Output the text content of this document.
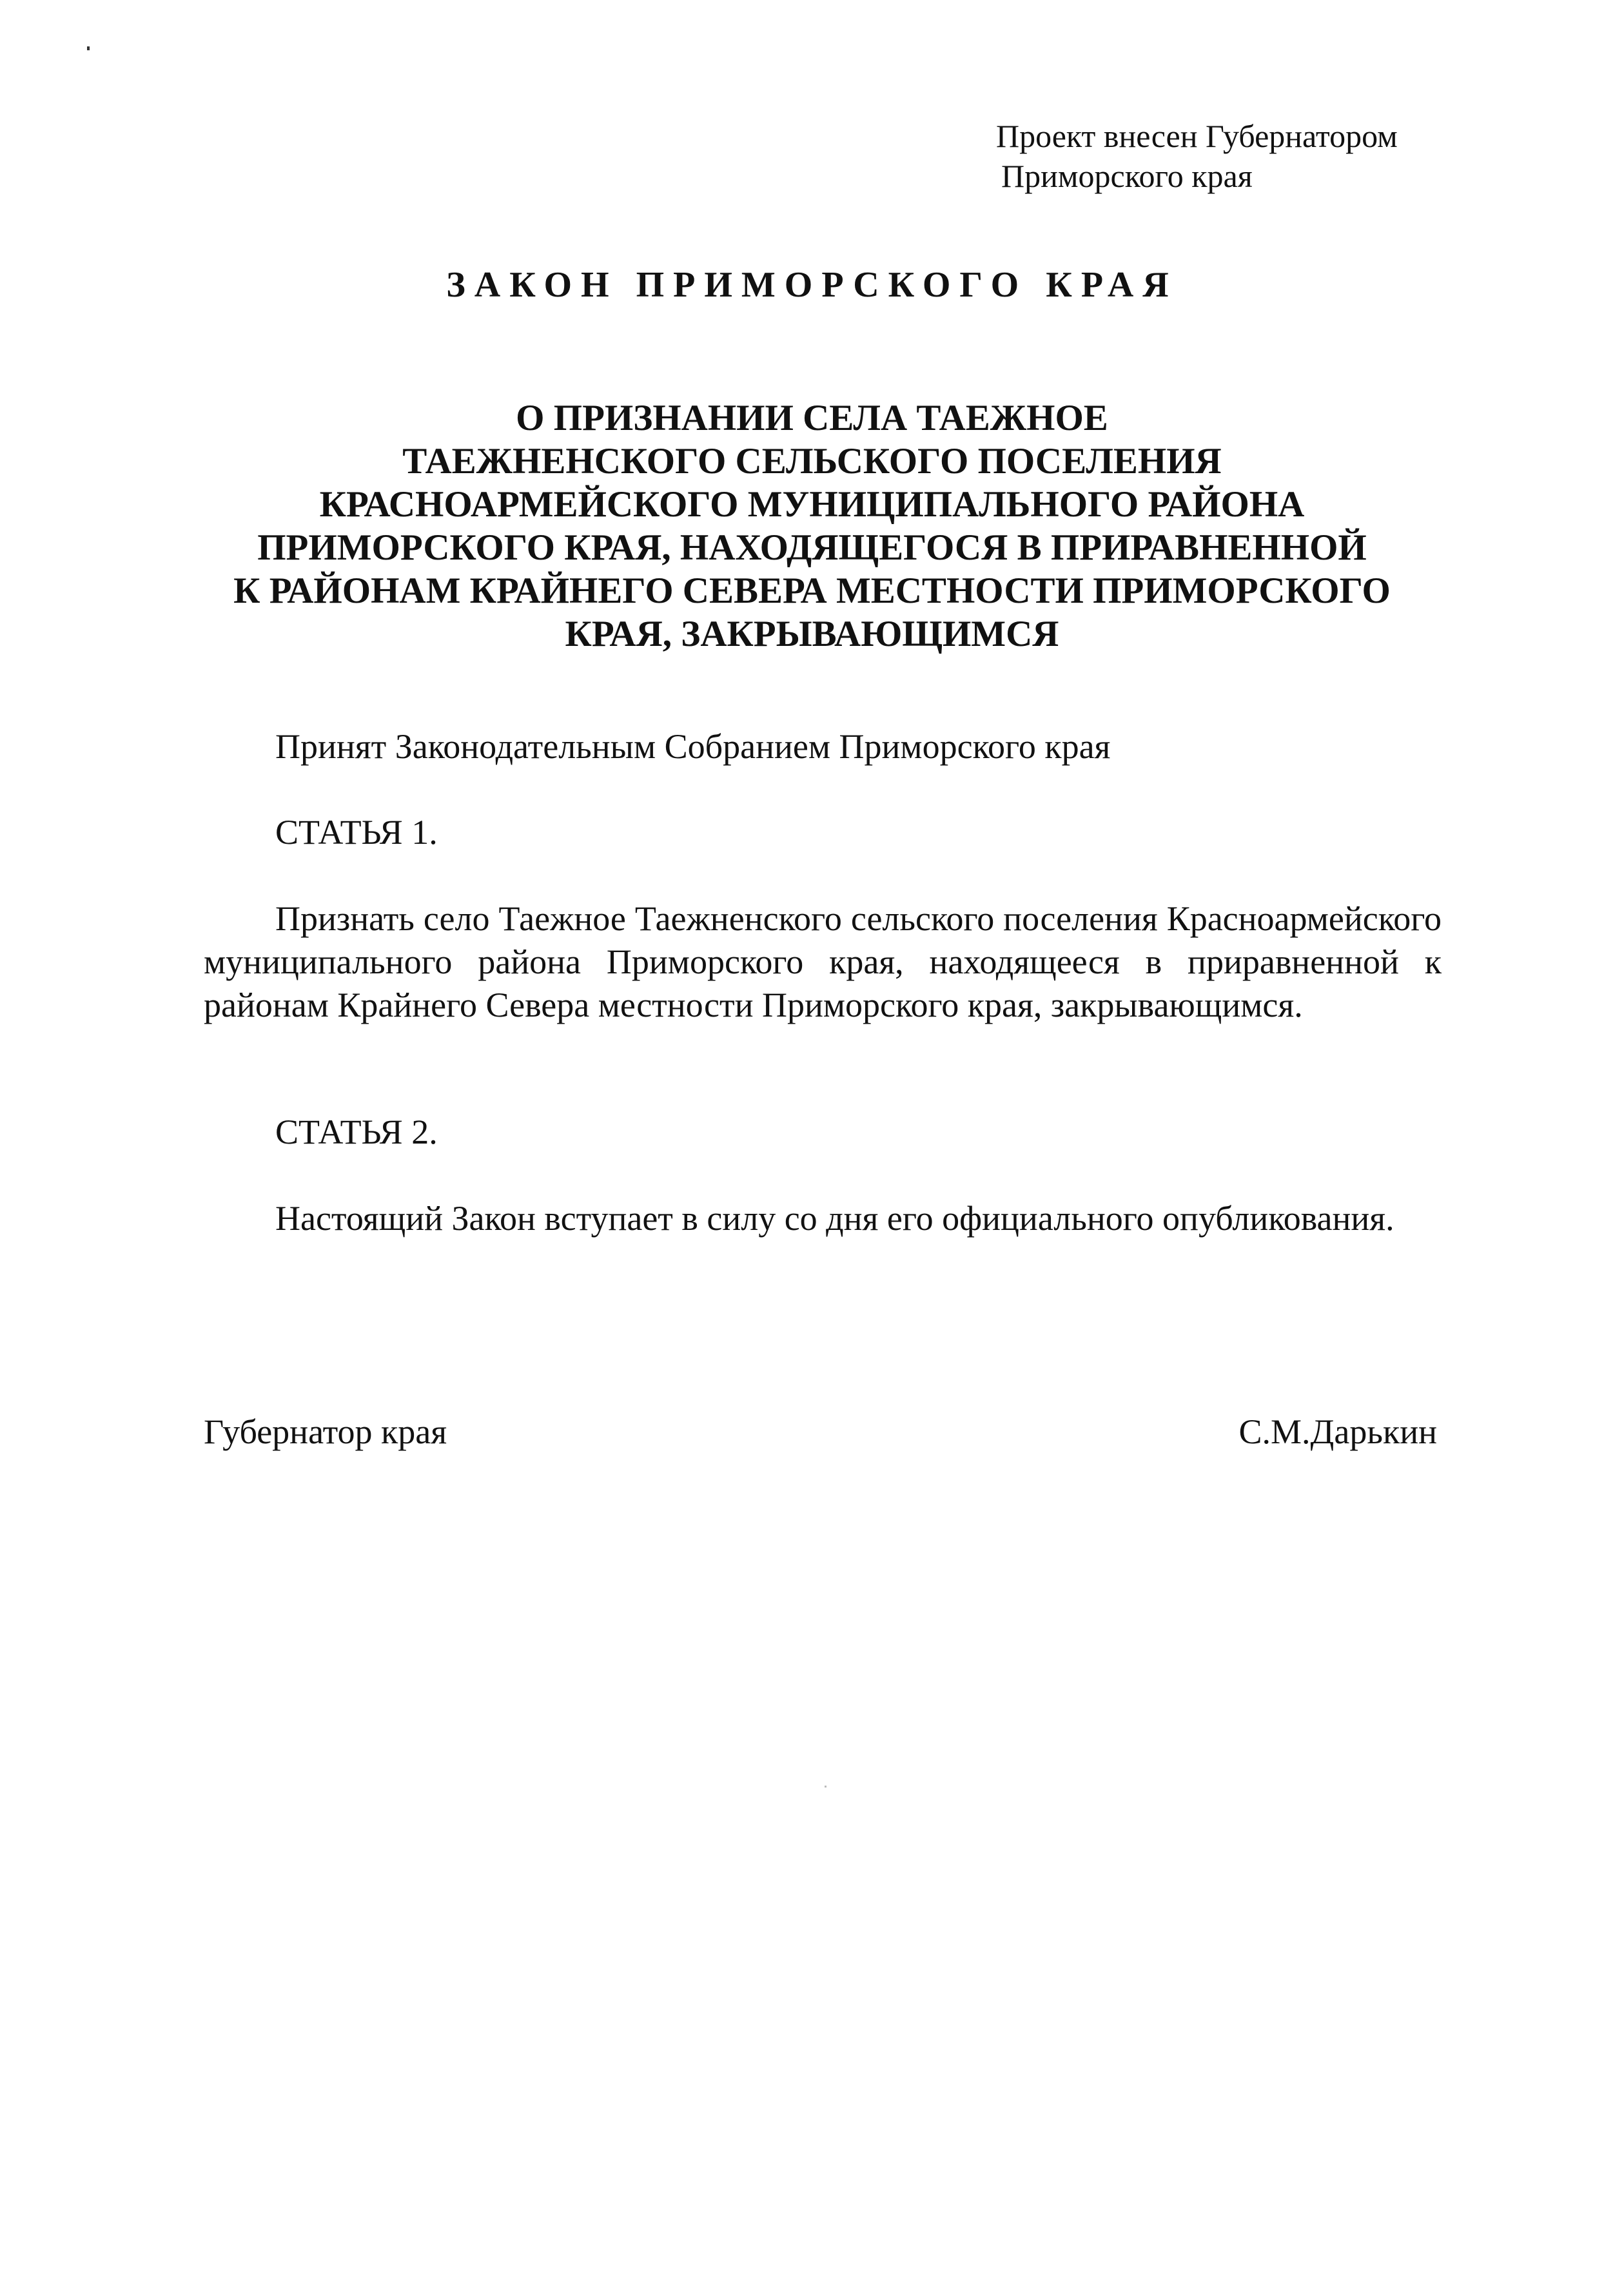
Проект внесен Губернатором
Приморского края
ЗАКОН ПРИМОРСКОГО КРАЯ
О ПРИЗНАНИИ СЕЛА ТАЕЖНОЕ
ТАЕЖНЕНСКОГО СЕЛЬСКОГО ПОСЕЛЕНИЯ
КРАСНОАРМЕЙСКОГО МУНИЦИПАЛЬНОГО РАЙОНА
ПРИМОРСКОГО КРАЯ, НАХОДЯЩЕГОСЯ В ПРИРАВНЕННОЙ
К РАЙОНАМ КРАЙНЕГО СЕВЕРА МЕСТНОСТИ ПРИМОРСКОГО
КРАЯ, ЗАКРЫВАЮЩИМСЯ
Принят Законодательным Собранием Приморского края
СТАТЬЯ 1.
Признать село Таежное Таежненского сельского поселения Красноармейского муниципального района Приморского края, находящееся в приравненной к районам Крайнего Севера местности Приморского края, закрывающимся.
СТАТЬЯ 2.
Настоящий Закон вступает в силу со дня его официального опубликования.
Губернатор края	С.М.Дарькин
